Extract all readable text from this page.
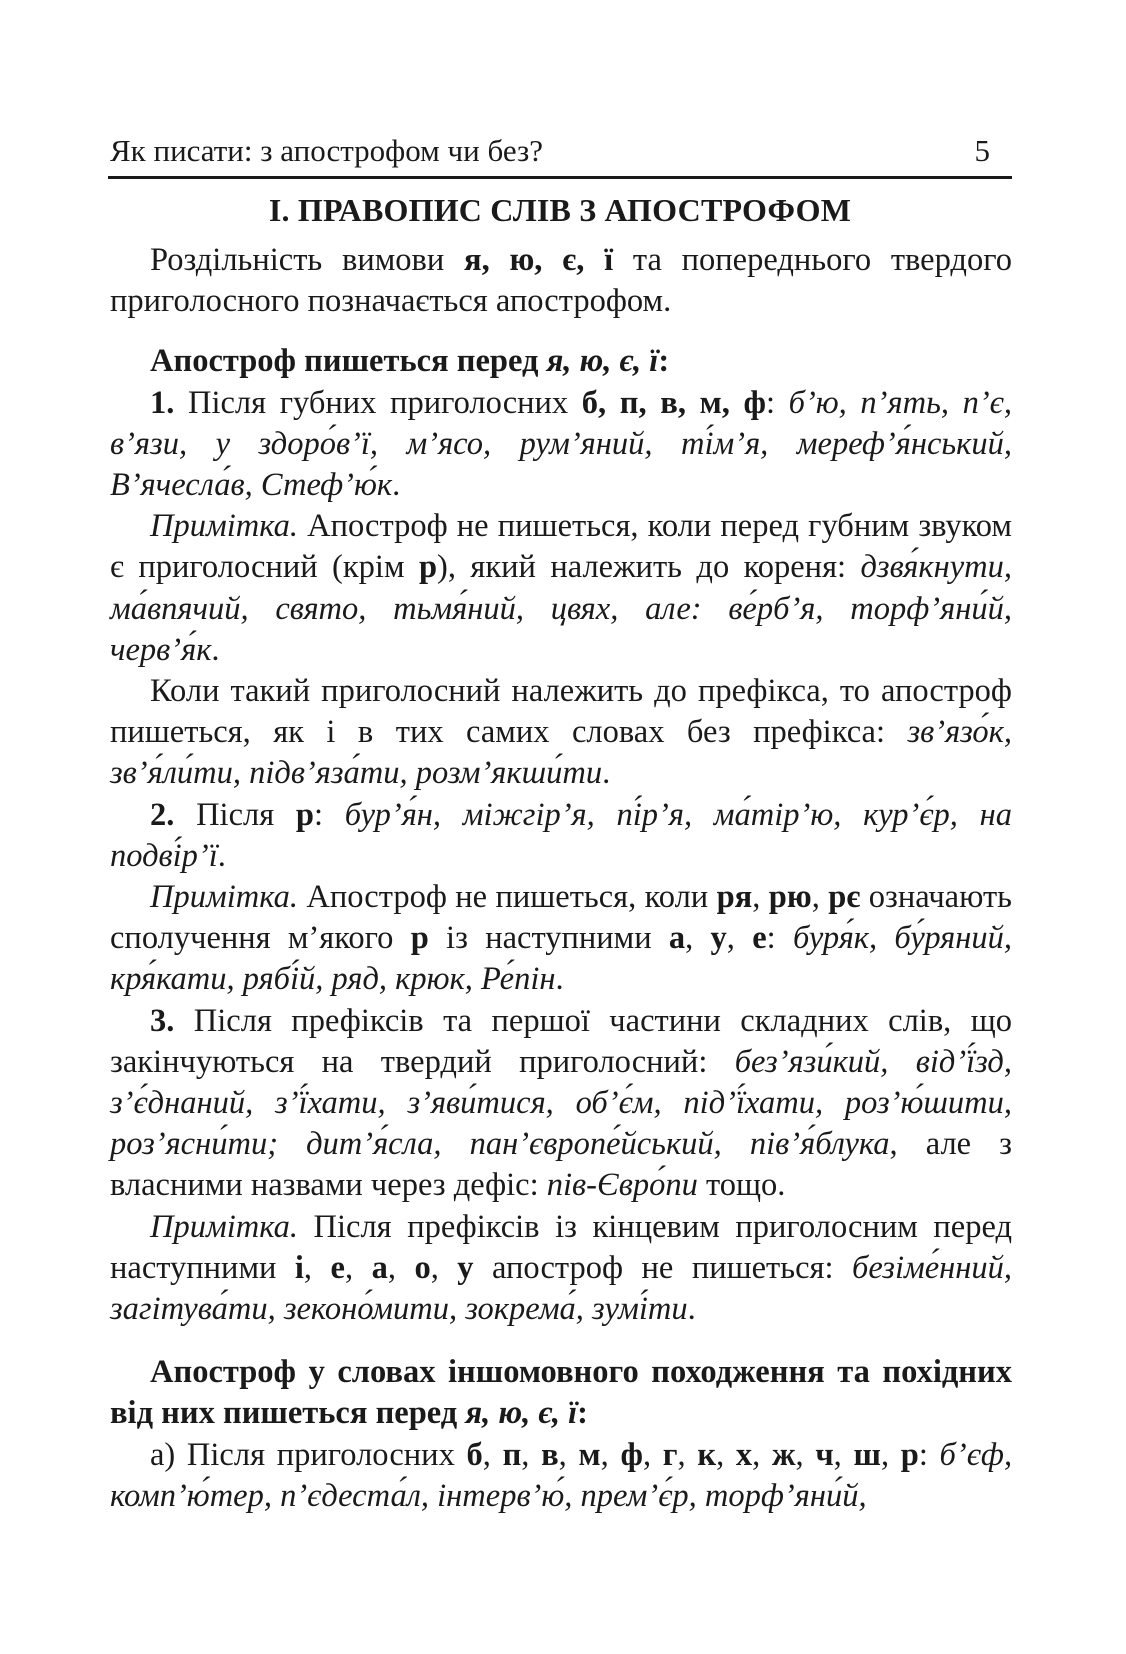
Як писати: з апострофом чи без?	5
І. ПРАВОПИС СЛІВ З АПОСТРОФОМ

Роздільність вимови я, ю, є, ї та попереднього твердого приголосного позначається апострофом.

Апостроф пишеться перед я, ю, є, ї:

1. Після губних приголосних б, п, в, м, ф: б’ю, п’ять, п’є, в’язи, у здоро́в’ї, м’ясо, рум’яний, ті́м’я, мереф’я́нський, В’ячесла́в, Стеф’ю́к.

Примітка. Апостроф не пишеться, коли перед губним звуком є приголосний (крім р), який належить до кореня: дзвя́кнути, ма́впячий, свято, тьмя́ний, цвях, але: ве́рб’я, торф’яни́й, черв’я́к.

Коли такий приголосний належить до префікса, то апостроф пишеться, як і в тих самих словах без префікса: зв’язо́к, зв’я́ли́ти, підв’яза́ти, розм’якши́ти.

2. Після р: бур’я́н, міжгір’я, пі́р’я, ма́тір’ю, кур’є́р, на подві́р’ї.

Примітка. Апостроф не пишеться, коли ря, рю, рє означають сполучення м’якого р із наступними а, у, е: буря́к, бу́ряний, кря́кати, рябі́й, ряд, крюк, Ре́пін.

3. Після префіксів та першої частини складних слів, що закінчуються на твердий приголосний: без’язи́кий, від’ї́зд, з’є́днаний, з’ї́хати, з’яви́тися, об’є́м, під’ї́хати, роз’ю́шити, роз’ясни́ти; дит’я́сла, пан’європе́йський, пів’я́блука, але з власними назвами через дефіс: пів-Євро́пи тощо.

Примітка. Після префіксів із кінцевим приголосним перед наступними і, е, а, о, у апостроф не пишеться: безіме́нний, загітува́ти, зеконо́мити, зокрема́, зумі́ти.

Апостроф у словах іншомовного походження та похідних від них пишеться перед я, ю, є, ї:

а) Після приголосних б, п, в, м, ф, г, к, х, ж, ч, ш, р: б’єф, комп’ю́тер, п’єдеста́л, інтерв’ю́, прем’є́р, торф’яни́й,
